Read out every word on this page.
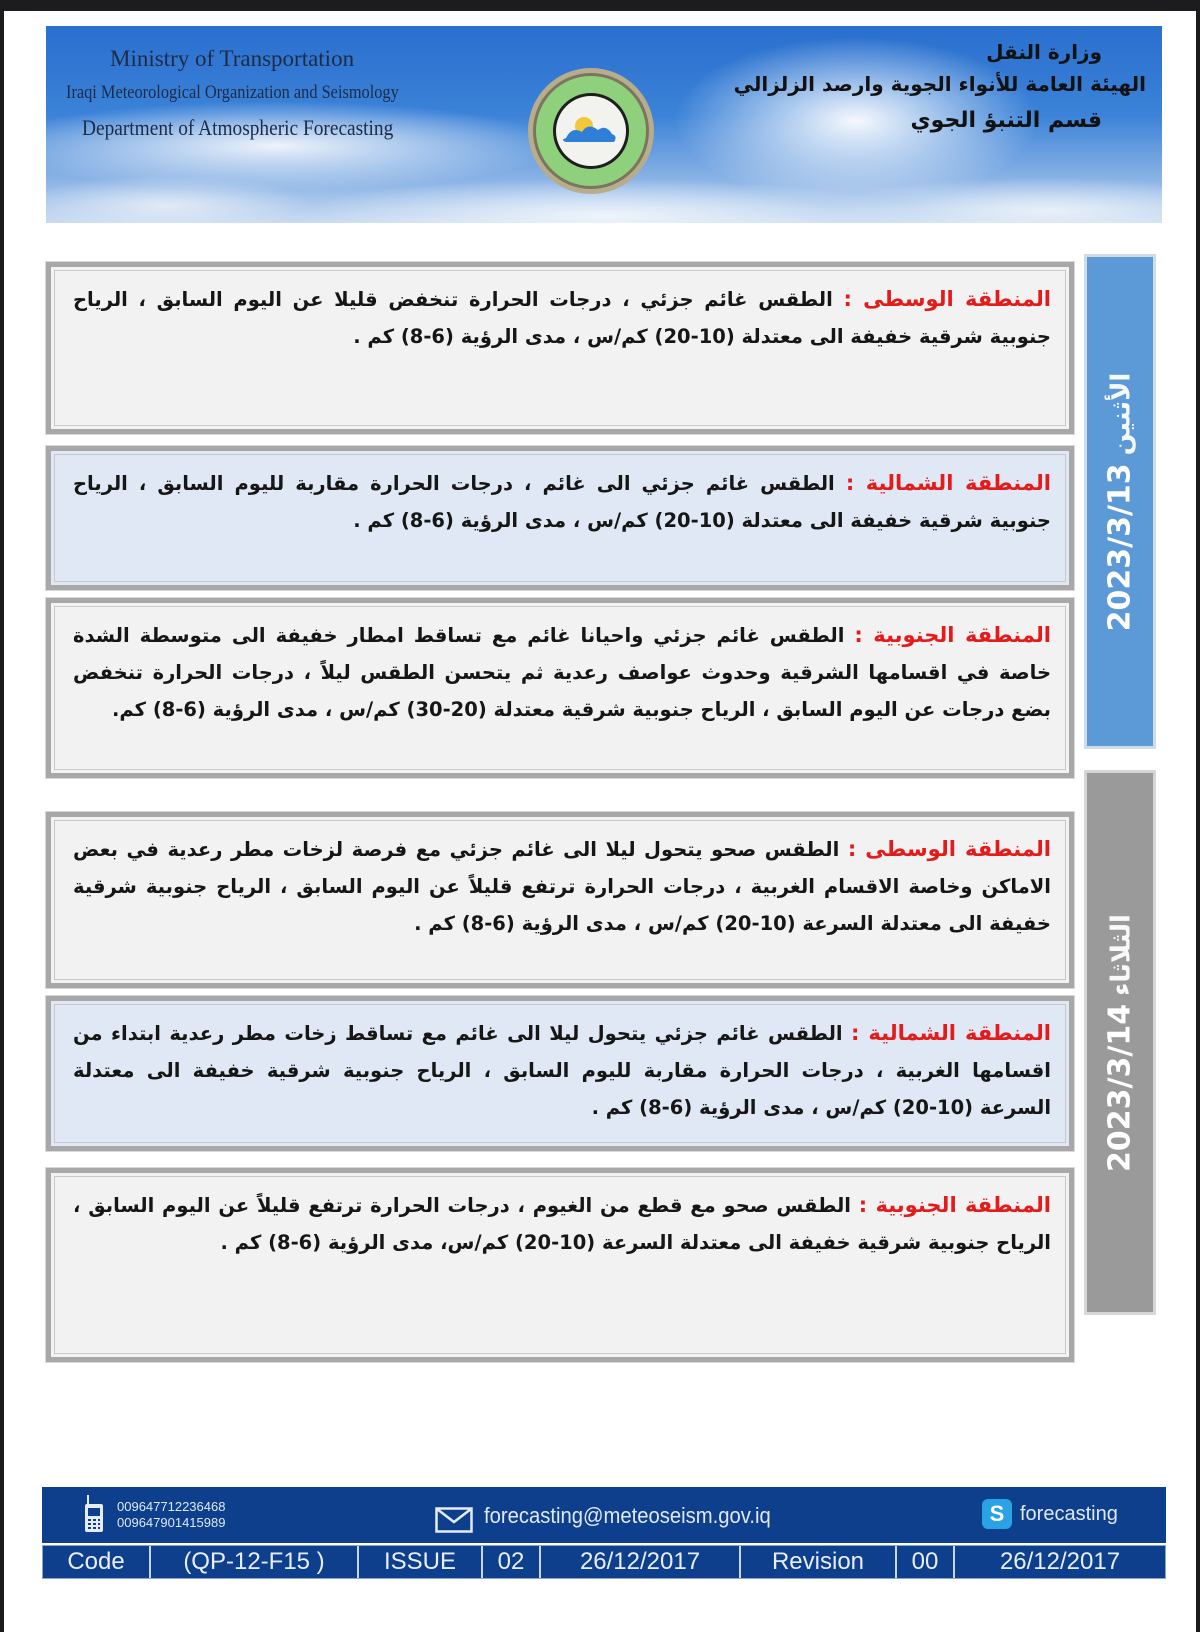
Ministry of Transportation
Iraqi Meteorological Organization and Seismology
Department of Atmospheric Forecasting
وزارة النقل
الهيئة العامة للأنواء الجوية وارصد الزلزالي
قسم التنبؤ الجوي
المنطقة الوسطى : الطقس غائم جزئي ، درجات الحرارة تنخفض قليلا عن اليوم السابق ، الرياح جنوبية شرقية خفيفة الى معتدلة (10-20) كم/س ، مدى الرؤية (6-8) كم .
المنطقة الشمالية : الطقس غائم جزئي الى غائم ، درجات الحرارة مقاربة لليوم السابق ، الرياح جنوبية شرقية خفيفة الى معتدلة (10-20) كم/س ، مدى الرؤية (6-8) كم .
المنطقة الجنوبية : الطقس غائم جزئي واحيانا غائم مع تساقط امطار خفيفة الى متوسطة الشدة خاصة في اقسامها الشرقية وحدوث عواصف رعدية ثم يتحسن الطقس ليلاً ، درجات الحرارة تنخفض بضع درجات عن اليوم السابق ، الرياح جنوبية شرقية معتدلة (20-30) كم/س ، مدى الرؤية (6-8) كم.
2023/3/13الأثنين
المنطقة الوسطى : الطقس صحو يتحول ليلا الى غائم جزئي مع فرصة لزخات مطر رعدية في بعض الاماكن وخاصة الاقسام الغربية ، درجات الحرارة ترتفع قليلاً عن اليوم السابق ، الرياح جنوبية شرقية خفيفة الى معتدلة السرعة (10-20) كم/س ، مدى الرؤية (6-8) كم .
المنطقة الشمالية : الطقس غائم جزئي يتحول ليلا الى غائم مع تساقط زخات مطر رعدية ابتداء من اقسامها الغربية ، درجات الحرارة مقاربة لليوم السابق ، الرياح جنوبية شرقية خفيفة الى معتدلة السرعة (10-20) كم/س ، مدى الرؤية (6-8) كم .
المنطقة الجنوبية : الطقس صحو مع قطع من الغيوم ، درجات الحرارة ترتفع قليلاً عن اليوم السابق ، الرياح جنوبية شرقية خفيفة الى معتدلة السرعة (10-20) كم/س، مدى الرؤية (6-8) كم .
2023/3/14الثلاثاء
009647712236468
009647901415989	forecasting@meteoseism.gov.iq	S forecasting
Code	(QP-12-F15 )	ISSUE	02	26/12/2017	Revision	00	26/12/2017
